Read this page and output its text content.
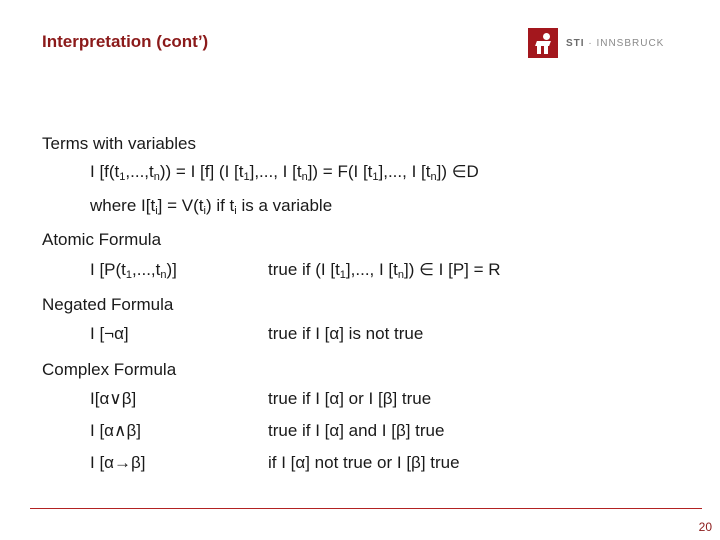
Interpretation (cont’)	STI · INNSBRUCK
Terms with variables
I $[f(t_1,...,t_n)) = I$ [f] (I $[t_1]$,..., I $[t_n]) = F(I$ $[t_1]$,..., I $[t_n]$) ∈D
where $I[t_i] = V(t_i)$ if $t_i$ is a variable
Atomic Formula
I $[P(t_1,...,t_n)]$	true if (I $[t_1]$,..., I $[t_n]$) ∈ I [P] = R
Negated Formula
I [¬α]	true if I [α] is not true
Complex Formula
I[α∨β]	true if I [α] or I [β] true
I [α∧β]	true if I [α] and I [β] true
I [α→β]	if I [α] not true or I [β] true
20
